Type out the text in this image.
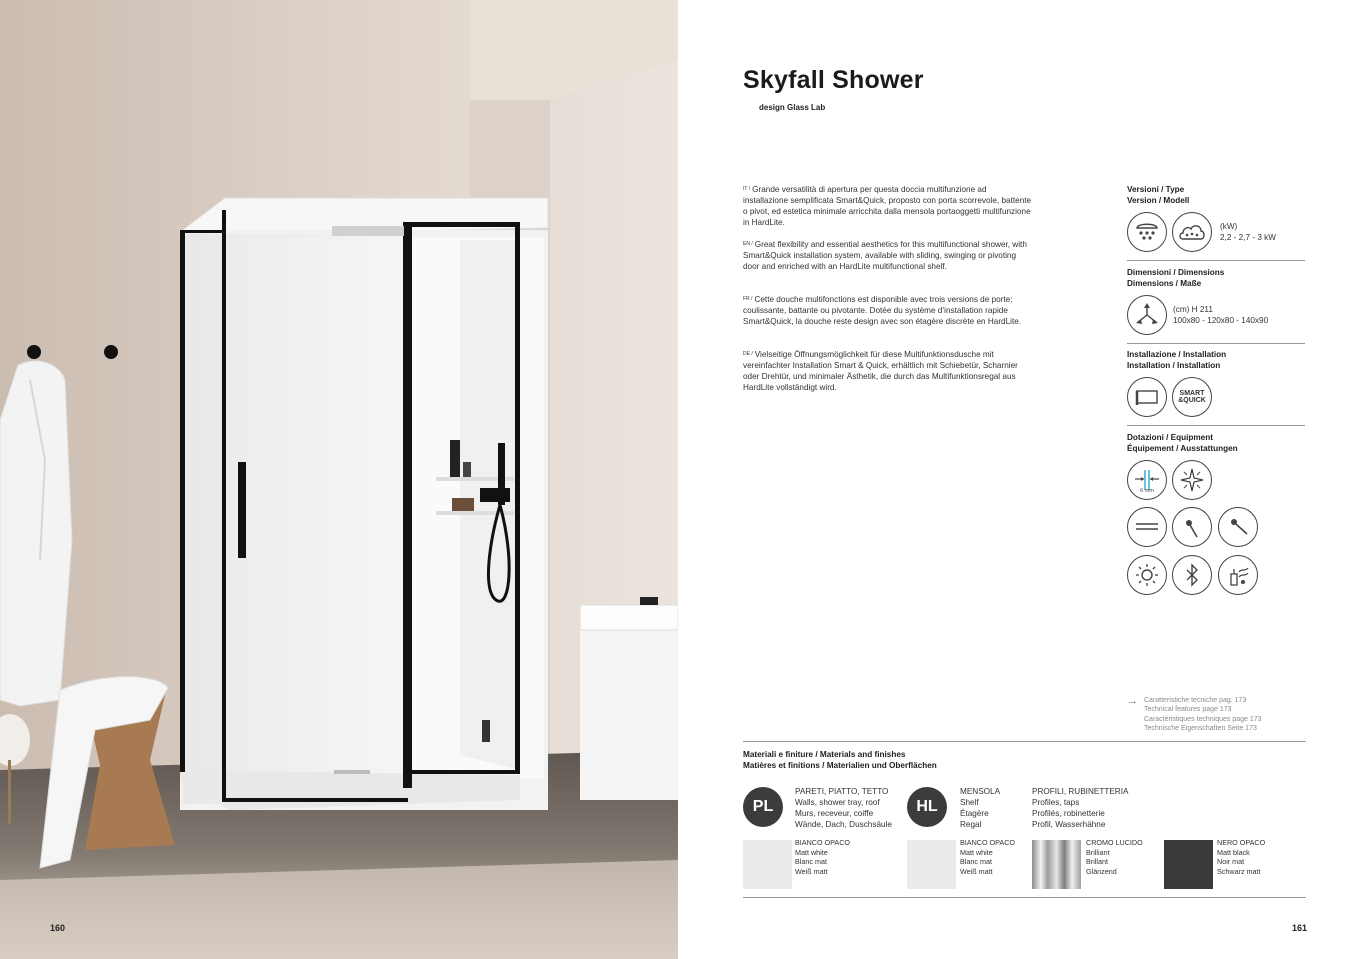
160
Skyfall Shower
design Glass Lab
$^{IT /}$ Grande versatilità di apertura per questa doccia multifunzione ad installazione semplificata Smart&Quick, proposto con porta scorrevole, battente o pivot, ed estetica minimale arricchita dalla mensola portaoggetti multifunzione in HardLite.
$^{EN /}$ Great flexibility and essential aesthetics for this multifunctional shower, with Smart&Quick installation system, available with sliding, swinging or pivoting door and enriched with an HardLite multifunctional shelf.
$^{FR /}$ Cette douche multifonctions est disponible avec trois versions de porte: coulissante, battante ou pivotante. Dotée du système d’installation rapide Smart&Quick, la douche reste design avec son étagère discrète en HardLite.
$^{DE /}$ Vielseitige Öffnungsmöglichkeit für diese Multifunktionsdusche mit vereinfachter Installation Smart & Quick, erhältlich mit Schiebetür, Scharnier oder Drehtür, und minimaler Ästhetik, die durch das Multifunktionsregal aus HardLite vollständigt wird.
Versioni / Type
Version / Modell
(kW)
2,2 - 2,7 - 3 kW
Dimensioni / Dimensions
Dimensions / Maße
(cm) H 211
100x80 - 120x80 - 140x90
Installazione / Installation
Installation / Installation
SMART
&QUICK
Dotazioni / Equipment
Équipement / Ausstattungen
6 mm
→ Caratteristiche tecniche pag. 173
Technical features page 173
Caractéristiques techniques page 173
Technische Eigenschaften Seite 173
Materiali e finiture / Materials and finishes
Matières et finitions / Materialien und Oberflächen
PL
PARETI, PIATTO, TETTO
Walls, shower tray, roof
Murs, receveur, coiffe
Wände, Dach, Duschsäule
HL
MENSOLA
Shelf
Étagère
Regal
PROFILI, RUBINETTERIA
Profiles, taps
Profilés, robinetterie
Profil, Wasserhähne
BIANCO OPACO
Matt white
Blanc mat
Weiß matt
BIANCO OPACO
Matt white
Blanc mat
Weiß matt
CROMO LUCIDO
Brilliant
Brillant
Glänzend
NERO OPACO
Matt black
Noir mat
Schwarz matt
161
